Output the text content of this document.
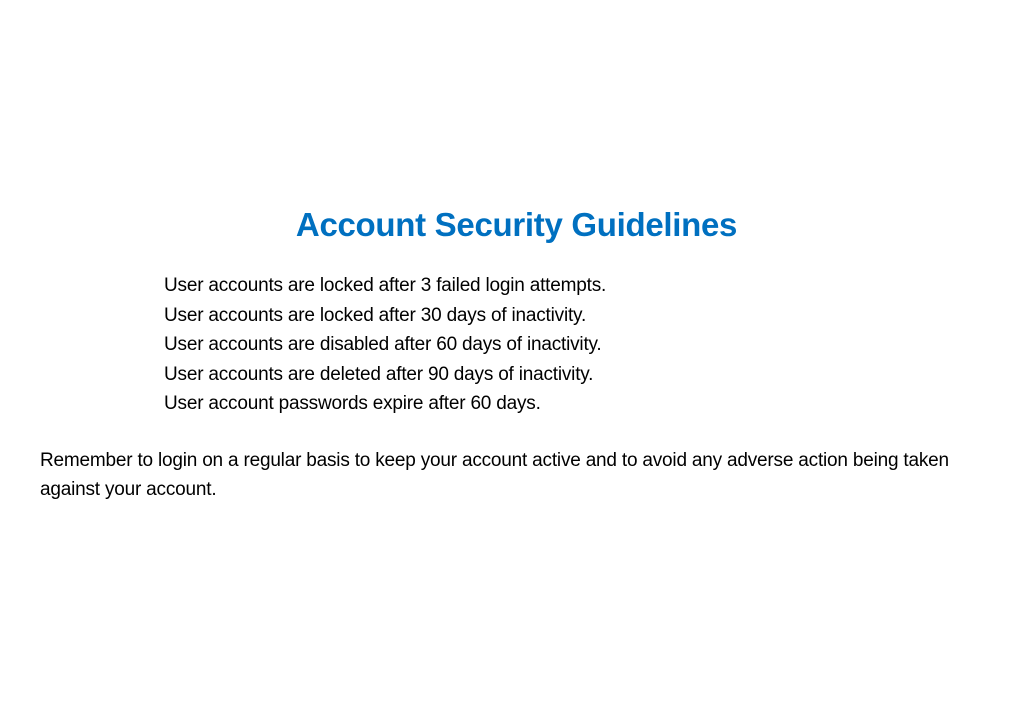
Account Security Guidelines
User accounts are locked after 3 failed login attempts.
User accounts are locked after 30 days of inactivity.
User accounts are disabled after 60 days of inactivity.
User accounts are deleted after 90 days of inactivity.
User account passwords expire after 60 days.

Remember to login on a regular basis to keep your account active and to avoid any adverse action being taken against your account.
